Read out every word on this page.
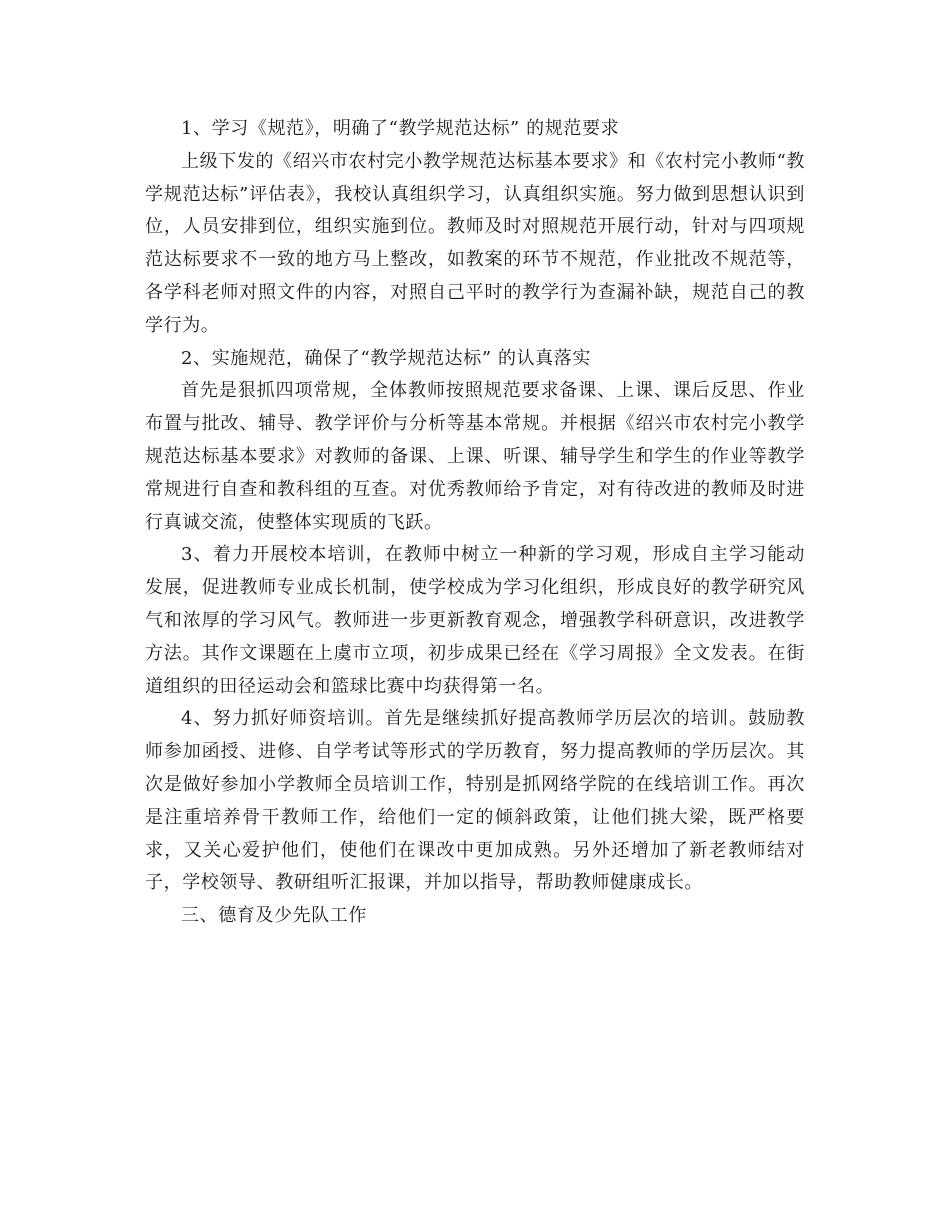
1、学习《规范》，明确了“教学规范达标” 的规范要求

上级下发的《绍兴市农村完小教学规范达标基本要求》和《农村完小教师“教学规范达标”评估表》，我校认真组织学习，认真组织实施。努力做到思想认识到位，人员安排到位，组织实施到位。教师及时对照规范开展行动，针对与四项规范达标要求不一致的地方马上整改，如教案的环节不规范，作业批改不规范等，各学科老师对照文件的内容，对照自己平时的教学行为查漏补缺，规范自己的教学行为。

2、实施规范，确保了“教学规范达标” 的认真落实

首先是狠抓四项常规，全体教师按照规范要求备课、上课、课后反思、作业布置与批改、辅导、教学评价与分析等基本常规。并根据《绍兴市农村完小教学规范达标基本要求》对教师的备课、上课、听课、辅导学生和学生的作业等教学常规进行自查和教科组的互查。对优秀教师给予肯定，对有待改进的教师及时进行真诚交流，使整体实现质的飞跃。

3、着力开展校本培训，在教师中树立一种新的学习观，形成自主学习能动发展，促进教师专业成长机制，使学校成为学习化组织，形成良好的教学研究风气和浓厚的学习风气。教师进一步更新教育观念，增强教学科研意识，改进教学方法。其作文课题在上虞市立项，初步成果已经在《学习周报》全文发表。在街道组织的田径运动会和篮球比赛中均获得第一名。

4、努力抓好师资培训。首先是继续抓好提高教师学历层次的培训。鼓励教师参加函授、进修、自学考试等形式的学历教育，努力提高教师的学历层次。其次是做好参加小学教师全员培训工作，特别是抓网络学院的在线培训工作。再次是注重培养骨干教师工作，给他们一定的倾斜政策，让他们挑大梁，既严格要求，又关心爱护他们，使他们在课改中更加成熟。另外还增加了新老教师结对子，学校领导、教研组听汇报课，并加以指导，帮助教师健康成长。

三、德育及少先队工作
